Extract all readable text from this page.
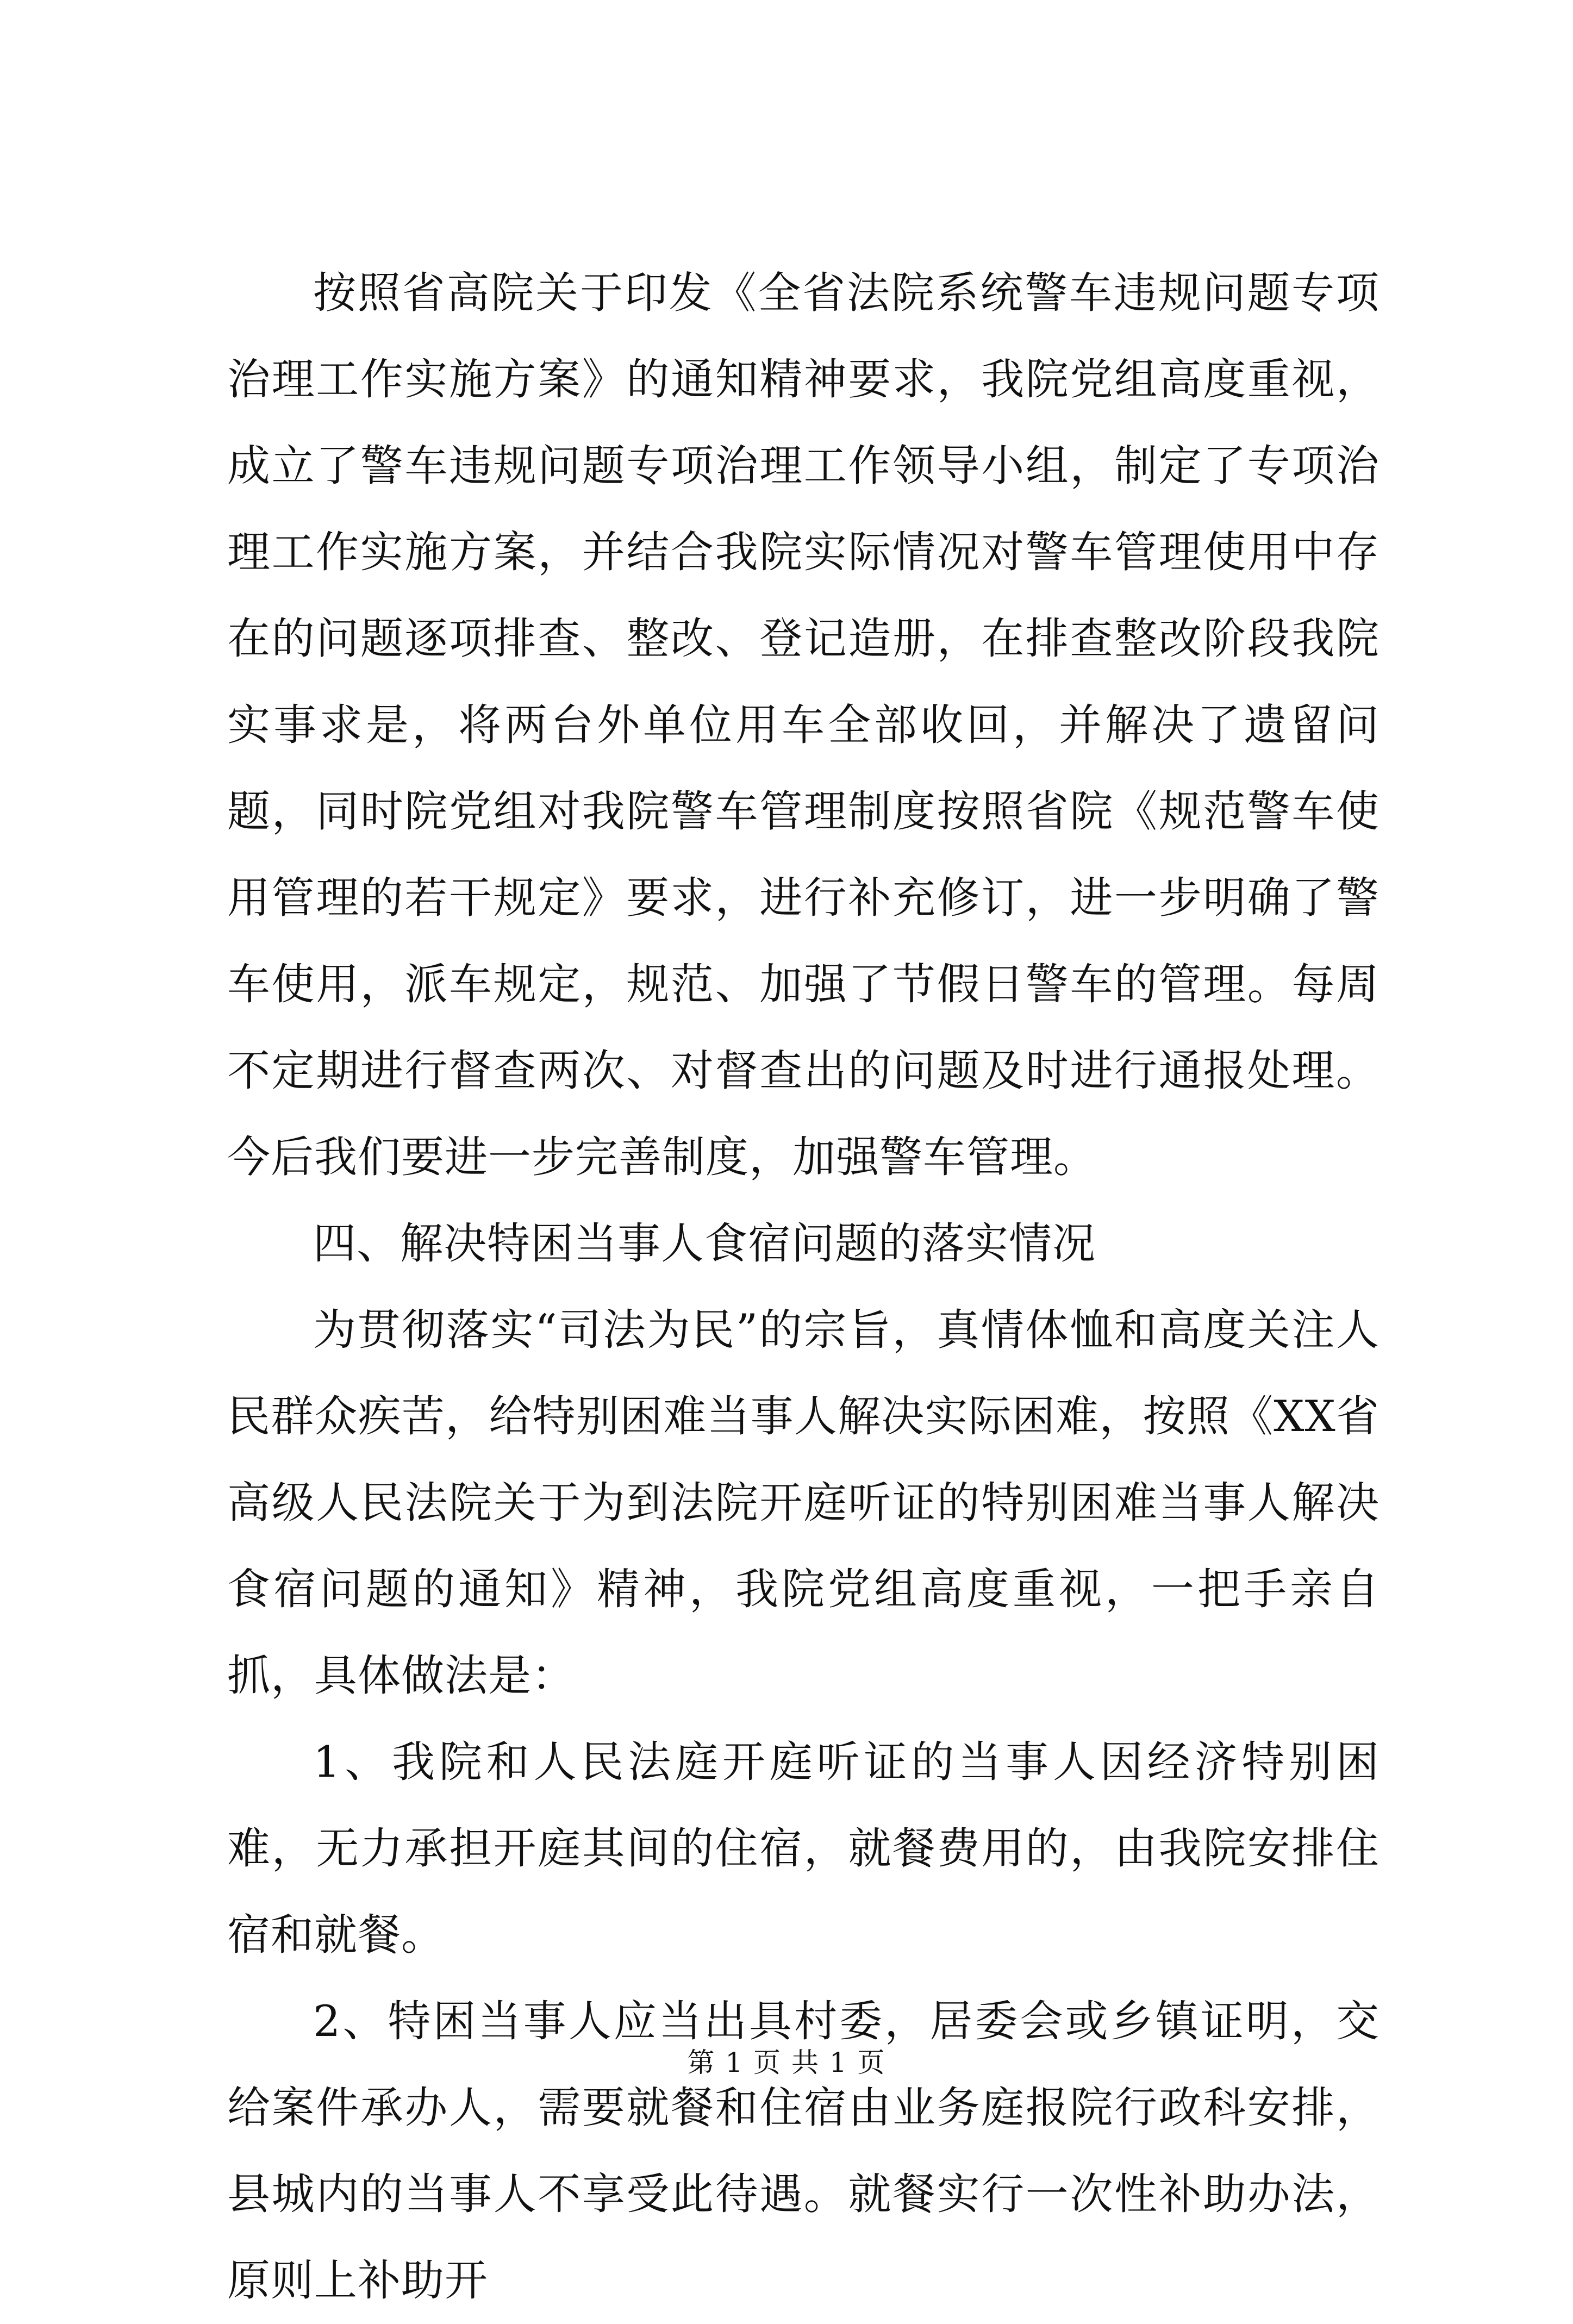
按照省高院关于印发《全省法院系统警车违规问题专项治理工作实施方案》的通知精神要求，我院党组高度重视，成立了警车违规问题专项治理工作领导小组，制定了专项治理工作实施方案，并结合我院实际情况对警车管理使用中存在的问题逐项排查、整改、登记造册，在排查整改阶段我院实事求是，将两台外单位用车全部收回，并解决了遗留问题，同时院党组对我院警车管理制度按照省院《规范警车使用管理的若干规定》要求，进行补充修订，进一步明确了警车使用，派车规定，规范、加强了节假日警车的管理。每周不定期进行督查两次、对督查出的问题及时进行通报处理。今后我们要进一步完善制度，加强警车管理。

四、解决特困当事人食宿问题的落实情况

为贯彻落实“司法为民”的宗旨，真情体恤和高度关注人民群众疾苦，给特别困难当事人解决实际困难，按照《XX省高级人民法院关于为到法院开庭听证的特别困难当事人解决食宿问题的通知》精神，我院党组高度重视，一把手亲自抓，具体做法是：

1、我院和人民法庭开庭听证的当事人因经济特别困难，无力承担开庭其间的住宿，就餐费用的，由我院安排住宿和就餐。

2、特困当事人应当出具村委，居委会或乡镇证明，交给案件承办人，需要就餐和住宿由业务庭报院行政科安排，县城内的当事人不享受此待遇。就餐实行一次性补助办法，原则上补助开

第 1 页 共 1 页
